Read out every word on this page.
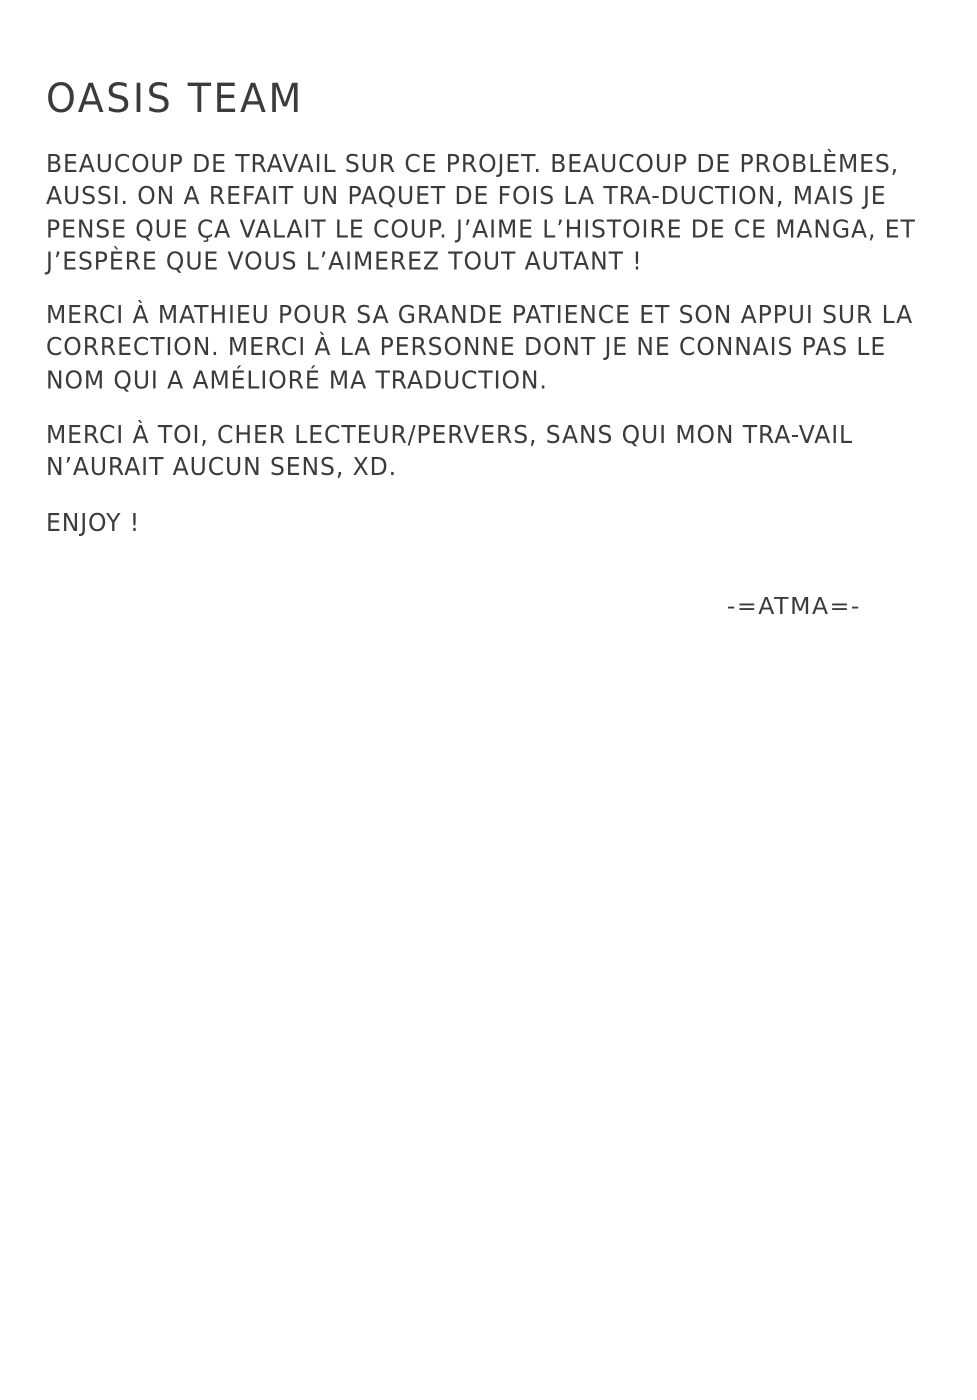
OASIS TEAM

BEAUCOUP DE TRAVAIL SUR CE PROJET. BEAUCOUP DE PROBLÈMES, AUSSI. ON A REFAIT UN PAQUET DE FOIS LA TRA-DUCTION, MAIS JE PENSE QUE ÇA VALAIT LE COUP. J’AIME L’HISTOIRE DE CE MANGA, ET J’ESPÈRE QUE VOUS L’AIMEREZ TOUT AUTANT !

MERCI À MATHIEU POUR SA GRANDE PATIENCE ET SON APPUI SUR LA CORRECTION. MERCI À LA PERSONNE DONT JE NE CONNAIS PAS LE NOM QUI A AMÉLIORÉ MA TRADUCTION.

MERCI À TOI, CHER LECTEUR/PERVERS, SANS QUI MON TRA-VAIL N’AURAIT AUCUN SENS, XD.

ENJOY !

-=ATMA=-
